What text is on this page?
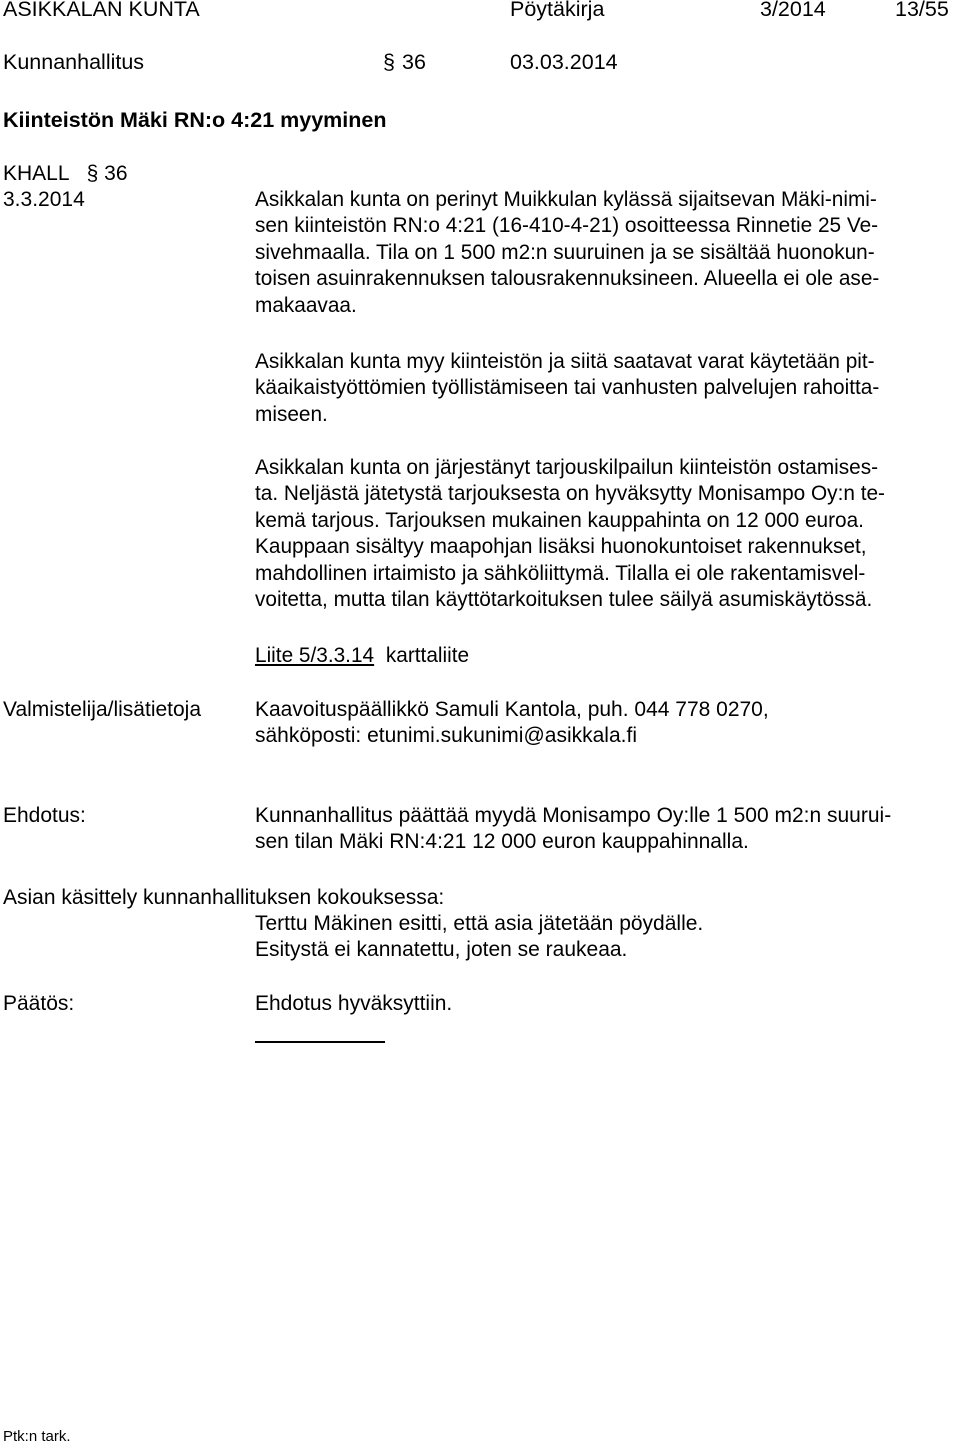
ASIKKALAN KUNTA	Pöytäkirja	3/2014	13/55
Kunnanhallitus	§ 36	03.03.2014
Kiinteistön Mäki RN:o 4:21 myyminen
KHALL § 36
3.3.2014	Asikkalan kunta on perinyt Muikkulan kylässä sijaitsevan Mäki-nimi-

sen kiinteistön RN:o 4:21 (16-410-4-21) osoitteessa Rinnetie 25 Ve-

sivehmaalla. Tila on 1 500 m2:n suuruinen ja se sisältää huonokun-

toisen asuinrakennuksen talousrakennuksineen. Alueella ei ole ase-

makaavaa.

Asikkalan kunta myy kiinteistön ja siitä saatavat varat käytetään pit-

käaikaistyöttömien työllistämiseen tai vanhusten palvelujen rahoitta-

miseen.

Asikkalan kunta on järjestänyt tarjouskilpailun kiinteistön ostamises-

ta. Neljästä jätetystä tarjouksesta on hyväksytty Monisampo Oy:n te-

kemä tarjous. Tarjouksen mukainen kauppahinta on 12 000 euroa.

Kauppaan sisältyy maapohjan lisäksi huonokuntoiset rakennukset,

mahdollinen irtaimisto ja sähköliittymä. Tilalla ei ole rakentamisvel-

voitetta, mutta tilan käyttötarkoituksen tulee säilyä asumiskäytössä.

Liite 5/3.3.14 karttaliite
Valmistelija/lisätietoja	Kaavoituspäällikkö Samuli Kantola, puh. 044 778 0270,
sähköposti: etunimi.sukunimi@asikkala.fi
Ehdotus:	Kunnanhallitus päättää myydä Monisampo Oy:lle 1 500 m2:n suurui-
sen tilan Mäki RN:4:21 12 000 euron kauppahinnalla.
Asian käsittely kunnanhallituksen kokouksessa:
Terttu Mäkinen esitti, että asia jätetään pöydälle.
Esitystä ei kannatettu, joten se raukeaa.
Päätös:	Ehdotus hyväksyttiin.
Ptk:n tark.
